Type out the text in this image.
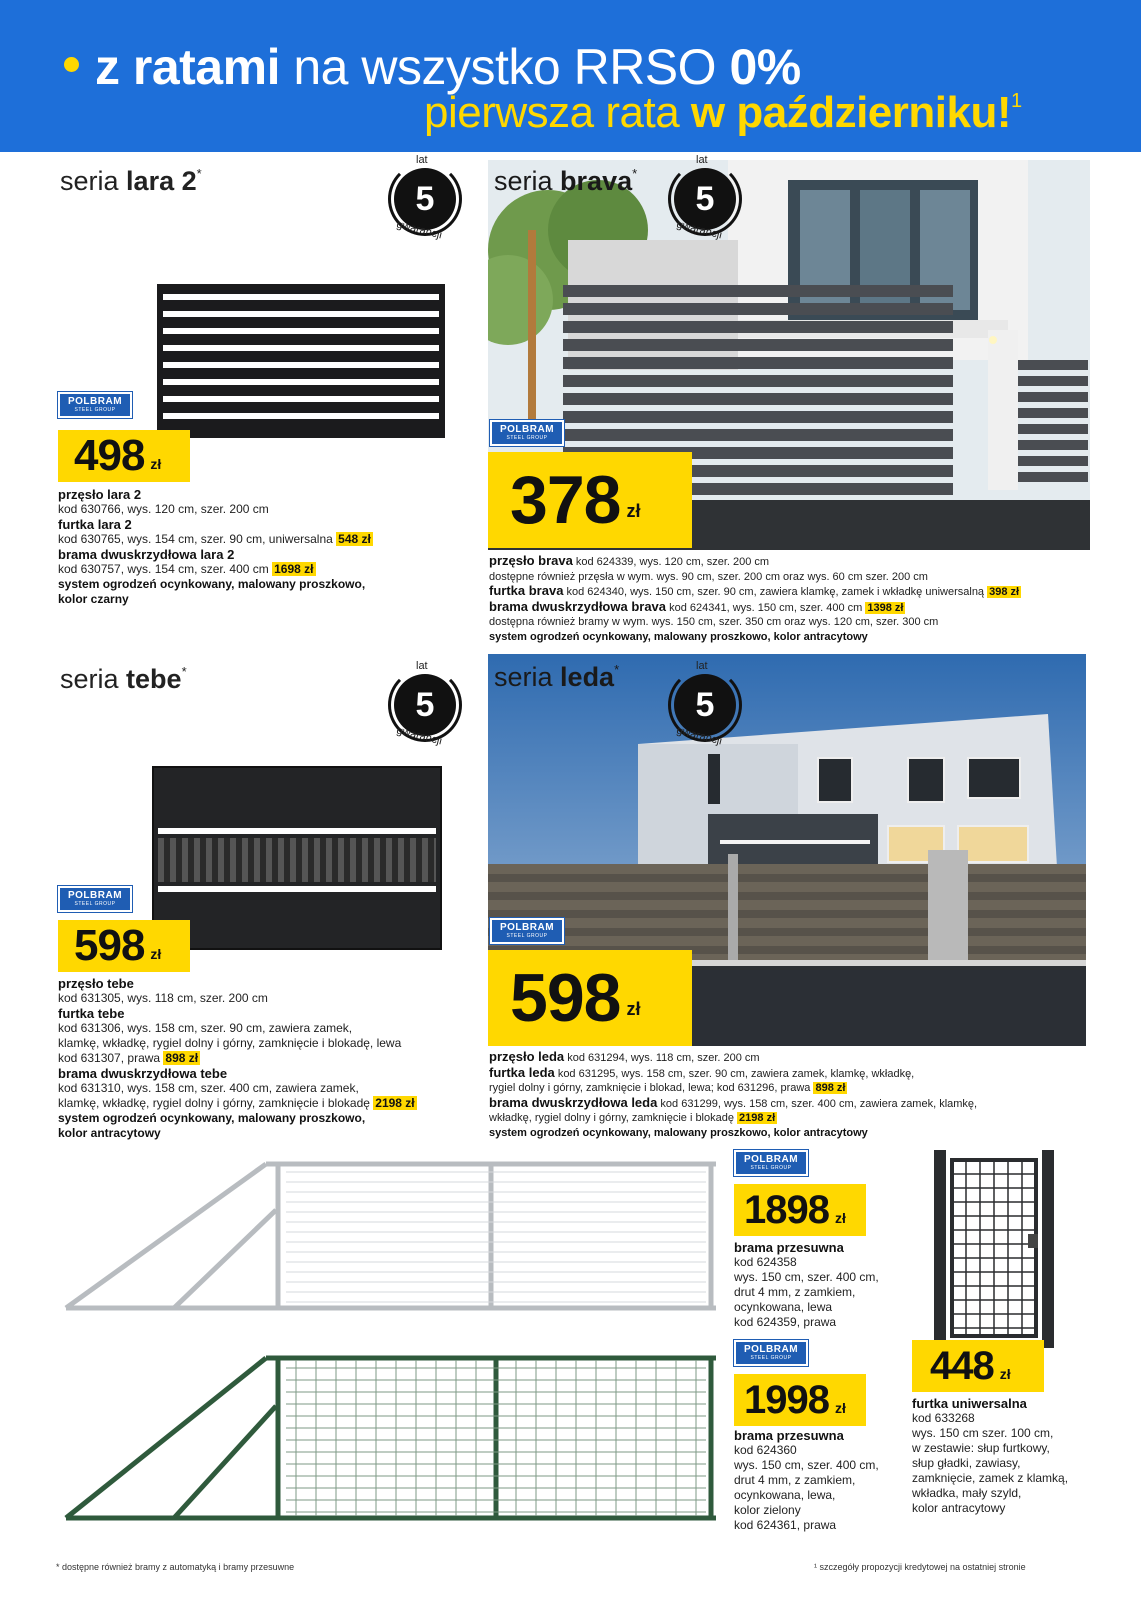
z ratami na wszystko RRSO 0%
pierwsza rata w październiku!$^1$
seria lara 2*
lat
5
gwarancji
POLBRAM
STEEL GROUP
498 zł
przęsło lara 2
kod 630766, wys. 120 cm, szer. 200 cm
furtka lara 2
kod 630765, wys. 154 cm, szer. 90 cm, uniwersalna 548 zł
brama dwuskrzydłowa lara 2
kod 630757, wys. 154 cm, szer. 400 cm 1698 zł
system ogrodzeń ocynkowany, malowany proszkowo,
kolor czarny
seria brava*
lat
5
gwarancji
POLBRAM
STEEL GROUP
378 zł
przęsło brava kod 624339, wys. 120 cm, szer. 200 cm
dostępne również przęsła w wym. wys. 90 cm, szer. 200 cm oraz wys. 60 cm szer. 200 cm
furtka brava kod 624340, wys. 150 cm, szer. 90 cm, zawiera klamkę, zamek i wkładkę uniwersalną 398 zł
brama dwuskrzydłowa brava kod 624341, wys. 150 cm, szer. 400 cm 1398 zł
dostępna również bramy w wym. wys. 150 cm, szer. 350 cm oraz wys. 120 cm, szer. 300 cm
system ogrodzeń ocynkowany, malowany proszkowo, kolor antracytowy
seria tebe*	lat
5
gwarancji
POLBRAM
STEEL GROUP
598 zł
przęsło tebe
kod 631305, wys. 118 cm, szer. 200 cm
furtka tebe
kod 631306, wys. 158 cm, szer. 90 cm, zawiera zamek,
klamkę, wkładkę, rygiel dolny i górny, zamknięcie i blokadę, lewa
kod 631307, prawa 898 zł
brama dwuskrzydłowa tebe
kod 631310, wys. 158 cm, szer. 400 cm, zawiera zamek,
klamkę, wkładkę, rygiel dolny i górny, zamknięcie i blokadę 2198 zł
system ogrodzeń ocynkowany, malowany proszkowo,
kolor antracytowy
seria leda*	lat
5
gwarancji
POLBRAM
STEEL GROUP
598 zł
przęsło leda kod 631294, wys. 118 cm, szer. 200 cm
furtka leda kod 631295, wys. 158 cm, szer. 90 cm, zawiera zamek, klamkę, wkładkę,
rygiel dolny i górny, zamknięcie i blokad, lewa; kod 631296, prawa 898 zł
brama dwuskrzydłowa leda kod 631299, wys. 158 cm, szer. 400 cm, zawiera zamek, klamkę,
wkładkę, rygiel dolny i górny, zamknięcie i blokadę 2198 zł
system ogrodzeń ocynkowany, malowany proszkowo, kolor antracytowy
POLBRAM
STEEL GROUP
1898 zł
brama przesuwna
kod 624358
wys. 150 cm, szer. 400 cm,
drut 4 mm, z zamkiem,
ocynkowana, lewa
kod 624359, prawa
POLBRAM
STEEL GROUP
1998 zł
brama przesuwna
kod 624360
wys. 150 cm, szer. 400 cm,
drut 4 mm, z zamkiem,
ocynkowana, lewa,
kolor zielony
kod 624361, prawa
448 zł
furtka uniwersalna
kod 633268
wys. 150 cm szer. 100 cm,
w zestawie: słup furtkowy,
słup gładki, zawiasy,
zamknięcie, zamek z klamką,
wkładka, mały szyld,
kolor antracytowy
* dostępne również bramy z automatyką i bramy przesuwne	¹ szczegóły propozycji kredytowej na ostatniej stronie
